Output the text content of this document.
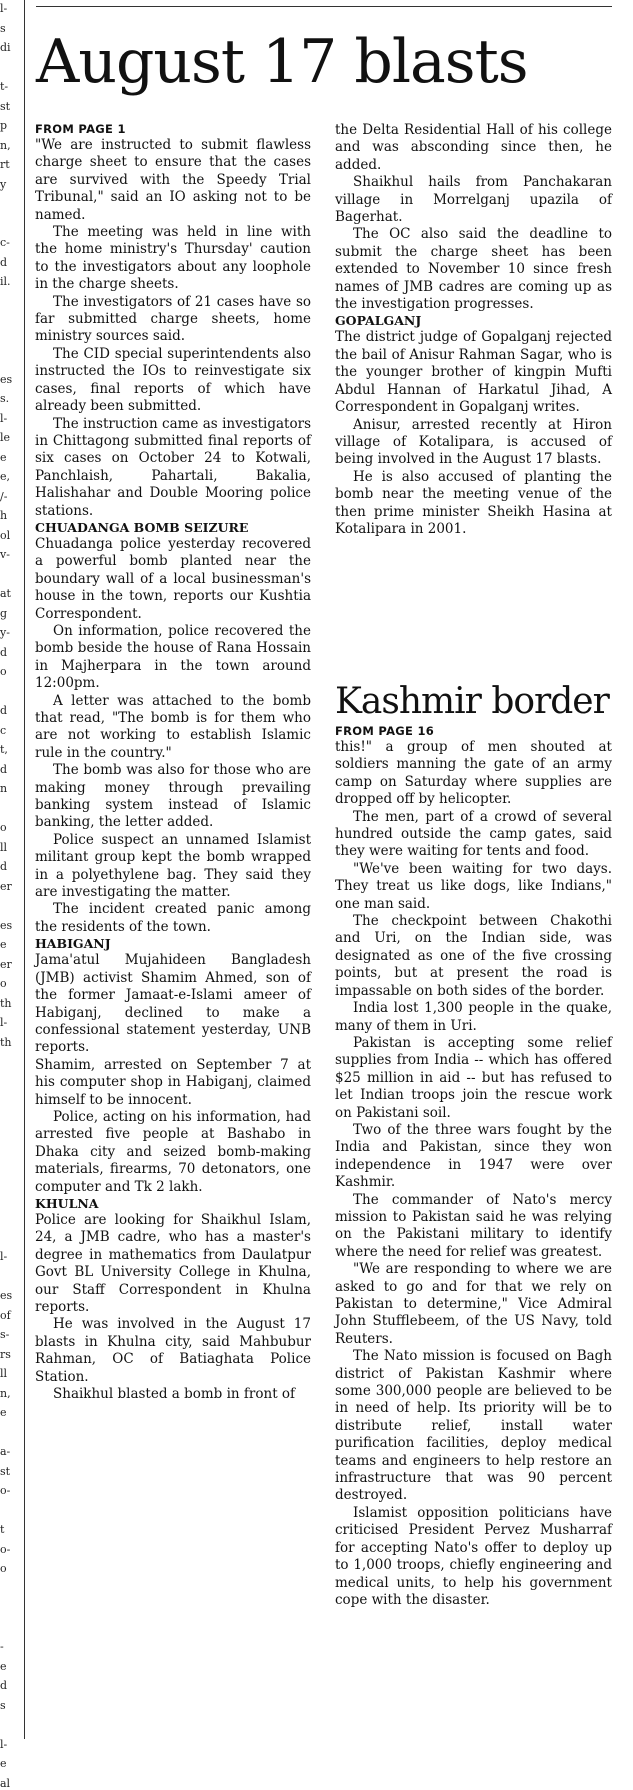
l-
s
di
t-
st
p
n,
rt
y
c-
d
il.
es
s.
l-
le
e
e,
/-
h
ol
v-
at
g
y-
d
o
d
c
t,
d
n
o
ll
d
er
es
e
er
o
th
l-
th
l-
es
of
s-
rs
ll
n,
e
a-
st
o-
t
o-
o
-
e
d
s
l-
e
al
August 17 blasts
FROM PAGE 1

"We are instructed to submit flawless charge sheet to ensure that the cases are survived with the Speedy Trial Tribunal," said an IO asking not to be named.

The meeting was held in line with the home ministry's Thursday' caution to the investigators about any loophole in the charge sheets.

The investigators of 21 cases have so far submitted charge sheets, home ministry sources said.

The CID special superintendents also instructed the IOs to reinvestigate six cases, final reports of which have already been submitted.

The instruction came as investigators in Chittagong submitted final reports of six cases on October 24 to Kotwali, Panchlaish, Pahartali, Bakalia, Halishahar and Double Mooring police stations.

CHUADANGA BOMB SEIZURE

Chuadanga police yesterday recovered a powerful bomb planted near the boundary wall of a local businessman's house in the town, reports our Kushtia Correspondent.

On information, police recovered the bomb beside the house of Rana Hossain in Majherpara in the town around 12:00pm.

A letter was attached to the bomb that read, "The bomb is for them who are not working to establish Islamic rule in the country."

The bomb was also for those who are making money through prevailing banking system instead of Islamic banking, the letter added.

Police suspect an unnamed Islamist militant group kept the bomb wrapped in a polyethylene bag. They said they are investigating the matter.

The incident created panic among the residents of the town.

HABIGANJ

Jama'atul Mujahideen Bangladesh (JMB) activist Shamim Ahmed, son of the former Jamaat-e-Islami ameer of Habiganj, declined to make a confessional statement yesterday, UNB reports.

Shamim, arrested on September 7 at his computer shop in Habiganj, claimed himself to be innocent.

Police, acting on his information, had arrested five people at Bashabo in Dhaka city and seized bomb-making materials, firearms, 70 detonators, one computer and Tk 2 lakh.

KHULNA

Police are looking for Shaikhul Islam, 24, a JMB cadre, who has a master's degree in mathematics from Daulatpur Govt BL University College in Khulna, our Staff Correspondent in Khulna reports.

He was involved in the August 17 blasts in Khulna city, said Mahbubur Rahman, OC of Batiaghata Police Station.

Shaikhul blasted a bomb in front of

the Delta Residential Hall of his college and was absconding since then, he added.

Shaikhul hails from Panchakaran village in Morrelganj upazila of Bagerhat.

The OC also said the deadline to submit the charge sheet has been extended to November 10 since fresh names of JMB cadres are coming up as the investigation progresses.

GOPALGANJ

The district judge of Gopalganj rejected the bail of Anisur Rahman Sagar, who is the younger brother of kingpin Mufti Abdul Hannan of Harkatul Jihad, A Correspondent in Gopalganj writes.

Anisur, arrested recently at Hiron village of Kotalipara, is accused of being involved in the August 17 blasts.

He is also accused of planting the bomb near the meeting venue of the then prime minister Sheikh Hasina at Kotalipara in 2001.

Kashmir border
FROM PAGE 16

this!" a group of men shouted at soldiers manning the gate of an army camp on Saturday where supplies are dropped off by helicopter.

The men, part of a crowd of several hundred outside the camp gates, said they were waiting for tents and food.

"We've been waiting for two days. They treat us like dogs, like Indians," one man said.

The checkpoint between Chakothi and Uri, on the Indian side, was designated as one of the five crossing points, but at present the road is impassable on both sides of the border.

India lost 1,300 people in the quake, many of them in Uri.

Pakistan is accepting some relief supplies from India -- which has offered $25 million in aid -- but has refused to let Indian troops join the rescue work on Pakistani soil.

Two of the three wars fought by the India and Pakistan, since they won independence in 1947 were over Kashmir.

The commander of Nato's mercy mission to Pakistan said he was relying on the Pakistani military to identify where the need for relief was greatest.

"We are responding to where we are asked to go and for that we rely on Pakistan to determine," Vice Admiral John Stufflebeem, of the US Navy, told Reuters.

The Nato mission is focused on Bagh district of Pakistan Kashmir where some 300,000 people are believed to be in need of help. Its priority will be to distribute relief, install water purification facilities, deploy medical teams and engineers to help restore an infrastructure that was 90 percent destroyed.

Islamist opposition politicians have criticised President Pervez Musharraf for accepting Nato's offer to deploy up to 1,000 troops, chiefly engineering and medical units, to help his government cope with the disaster.
